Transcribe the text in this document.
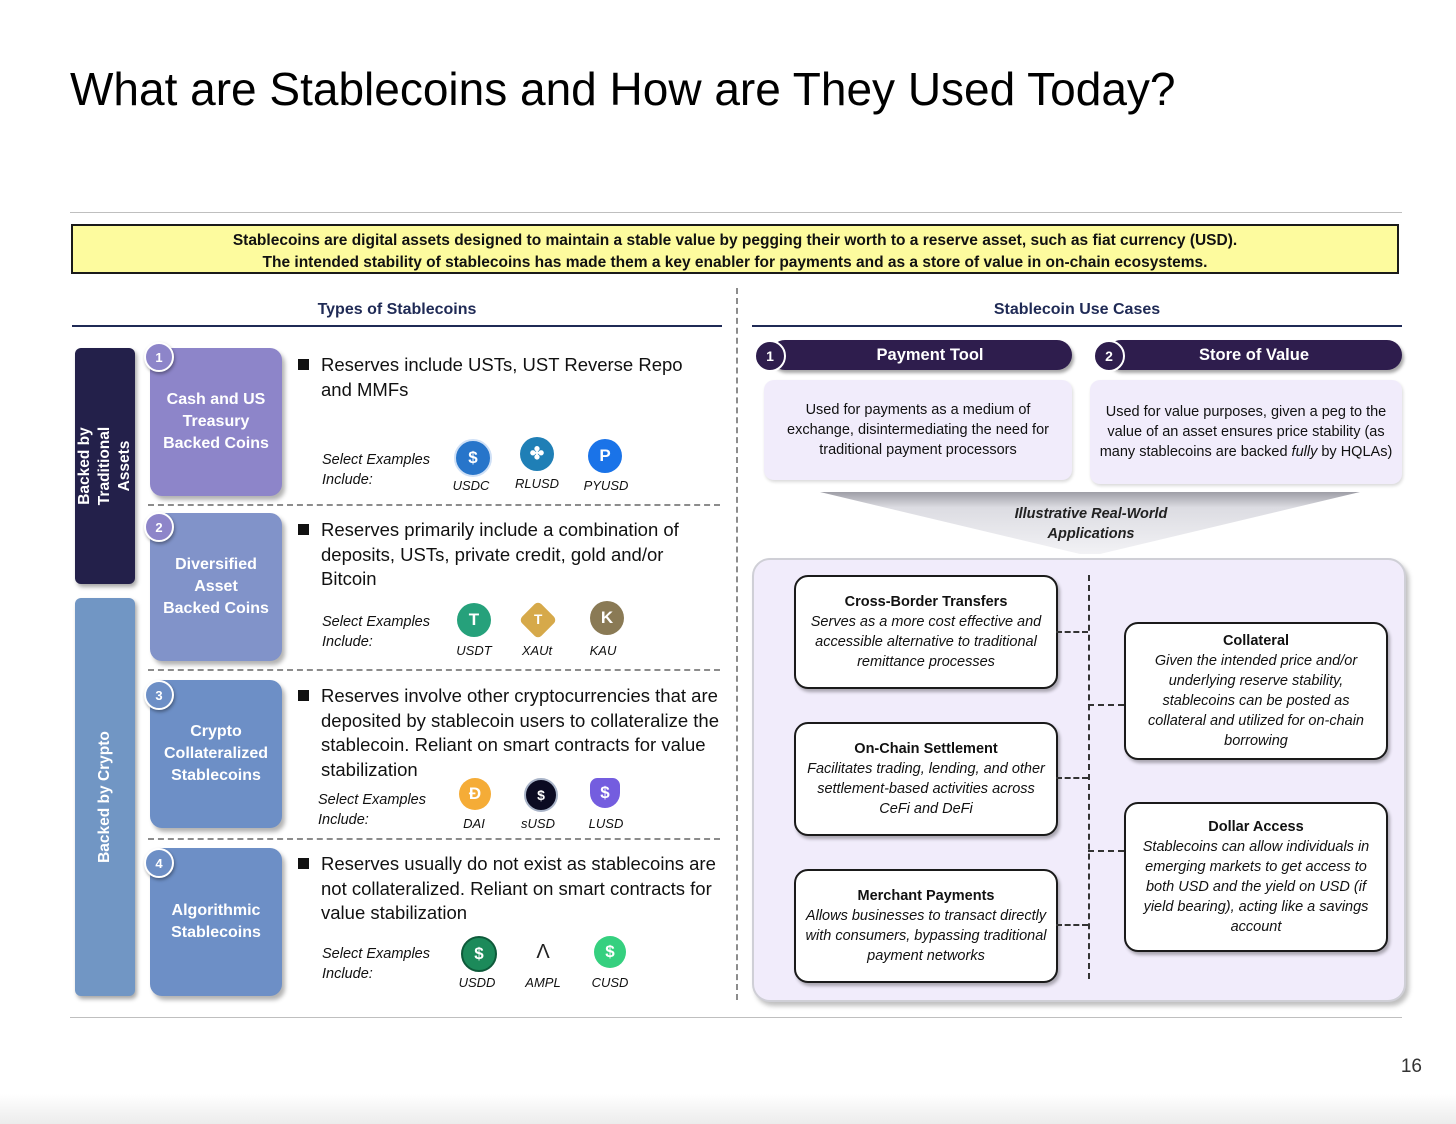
What are Stablecoins and How are They Used Today?
Stablecoins are digital assets designed to maintain a stable value by pegging their worth to a reserve asset, such as fiat currency (USD).
The intended stability of stablecoins has made them a key enabler for payments and as a store of value in on-chain ecosystems.
Types of Stablecoins	Stablecoin Use Cases
Backed by
Traditional Assets
Backed by Crypto
Cash and US
Treasury
Backed Coins
1	Reserves include USTs, UST Reverse Repo and MMFs
Select Examples
Include:
$	✤	P
USDC	RLUSD	PYUSD
Diversified
Asset
Backed Coins
2	Reserves primarily include a combination of deposits, USTs, private credit, gold and/or Bitcoin
Select Examples
Include:
T	T	K
USDT	XAUt	KAU
Crypto
Collateralized
Stablecoins
3	Reserves involve other cryptocurrencies that are deposited by stablecoin users to collateralize the stablecoin. Reliant on smart contracts for value stabilization
Select Examples
Include:
Đ	$	$
DAI	sUSD	LUSD
Algorithmic
Stablecoins
4	Reserves usually do not exist as stablecoins are not collateralized. Reliant on smart contracts for value stabilization
Select Examples
Include:
$	Λ	$
USDD	AMPL	CUSD
Payment Tool
1	Store of Value
2
Used for payments as a medium of exchange, disintermediating the need for traditional payment processors
Used for value purposes, given a peg to the value of an asset ensures price stability (as many stablecoins are backed fully by HQLAs)
Illustrative Real-World
Applications
Cross-Border Transfers
Serves as a more cost effective and accessible alternative to traditional remittance processes
On-Chain Settlement
Facilitates trading, lending, and other settlement-based activities across CeFi and DeFi
Merchant Payments
Allows businesses to transact directly with consumers, bypassing traditional payment networks
Collateral
Given the intended price and/or underlying reserve stability, stablecoins can be posted as collateral and utilized for on-chain borrowing
Dollar Access
Stablecoins can allow individuals in emerging markets to get access to both USD and the yield on USD (if yield bearing), acting like a savings account
16
